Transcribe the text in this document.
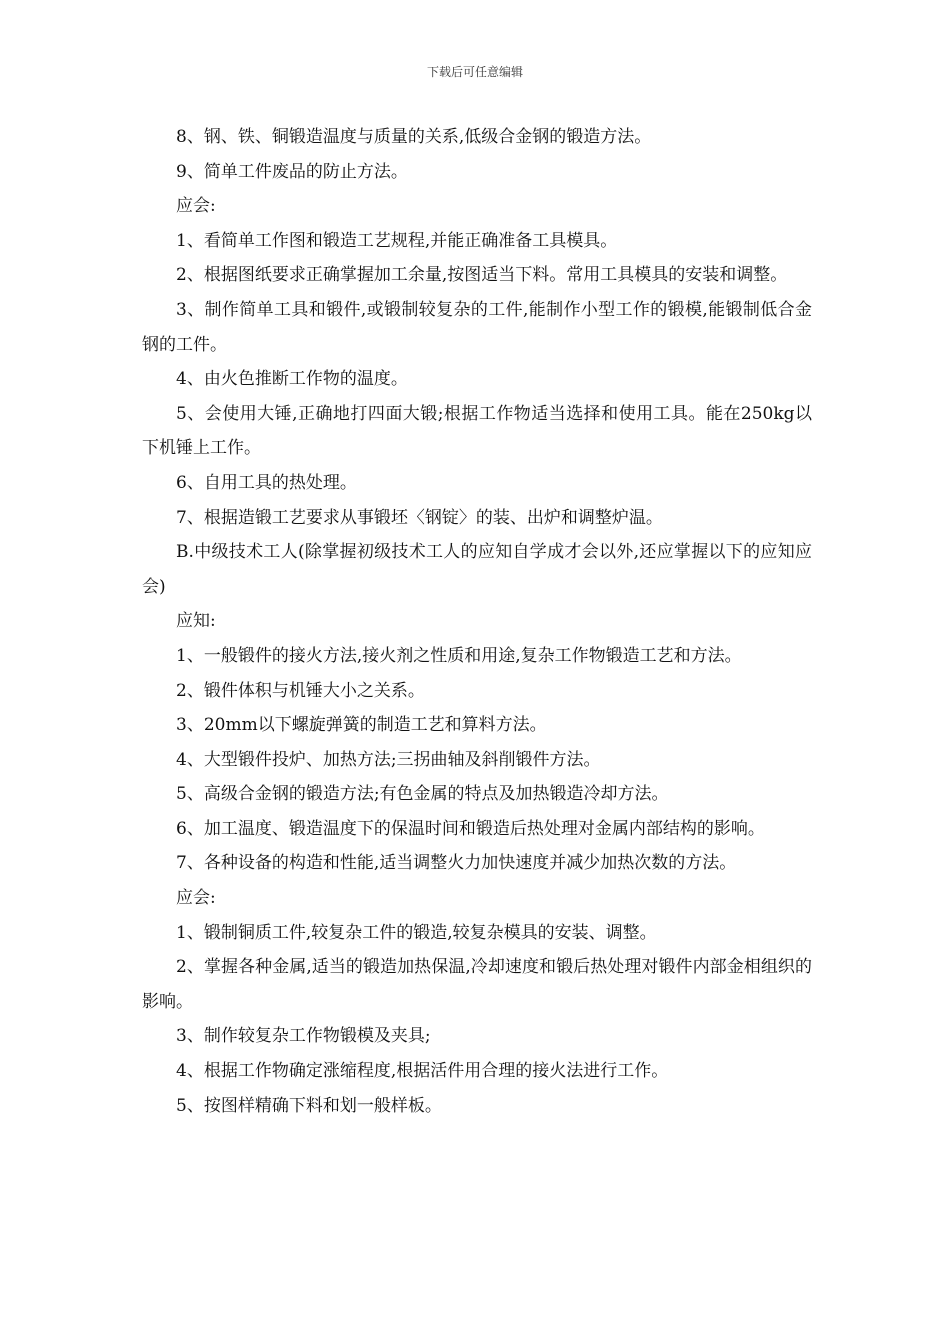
下载后可任意编辑

8、钢、铁、铜锻造温度与质量的关系,低级合金钢的锻造方法。

9、简单工件废品的防止方法。

应会:

1、看简单工作图和锻造工艺规程,并能正确准备工具模具。

2、根据图纸要求正确掌握加工余量,按图适当下料。常用工具模具的安装和调整。

3、制作简单工具和锻件,或锻制较复杂的工件,能制作小型工作的锻模,能锻制低合金钢的工件。

4、由火色推断工作物的温度。

5、会使用大锤,正确地打四面大锻;根据工作物适当选择和使用工具。能在250kg以下机锤上工作。

6、自用工具的热处理。

7、根据造锻工艺要求从事锻坯〈钢锭〉的装、出炉和调整炉温。

B.中级技术工人(除掌握初级技术工人的应知自学成才会以外,还应掌握以下的应知应会)

应知:

1、一般锻件的接火方法,接火剂之性质和用途,复杂工作物锻造工艺和方法。

2、锻件体积与机锤大小之关系。

3、20mm以下螺旋弹簧的制造工艺和算料方法。

4、大型锻件投炉、加热方法;三拐曲轴及斜削锻件方法。

5、高级合金钢的锻造方法;有色金属的特点及加热锻造冷却方法。

6、加工温度、锻造温度下的保温时间和锻造后热处理对金属内部结构的影响。

7、各种设备的构造和性能,适当调整火力加快速度并减少加热次数的方法。

应会:

1、锻制铜质工件,较复杂工件的锻造,较复杂模具的安装、调整。

2、掌握各种金属,适当的锻造加热保温,冷却速度和锻后热处理对锻件内部金相组织的影响。

3、制作较复杂工作物锻模及夹具;

4、根据工作物确定涨缩程度,根据活件用合理的接火法进行工作。

5、按图样精确下料和划一般样板。
